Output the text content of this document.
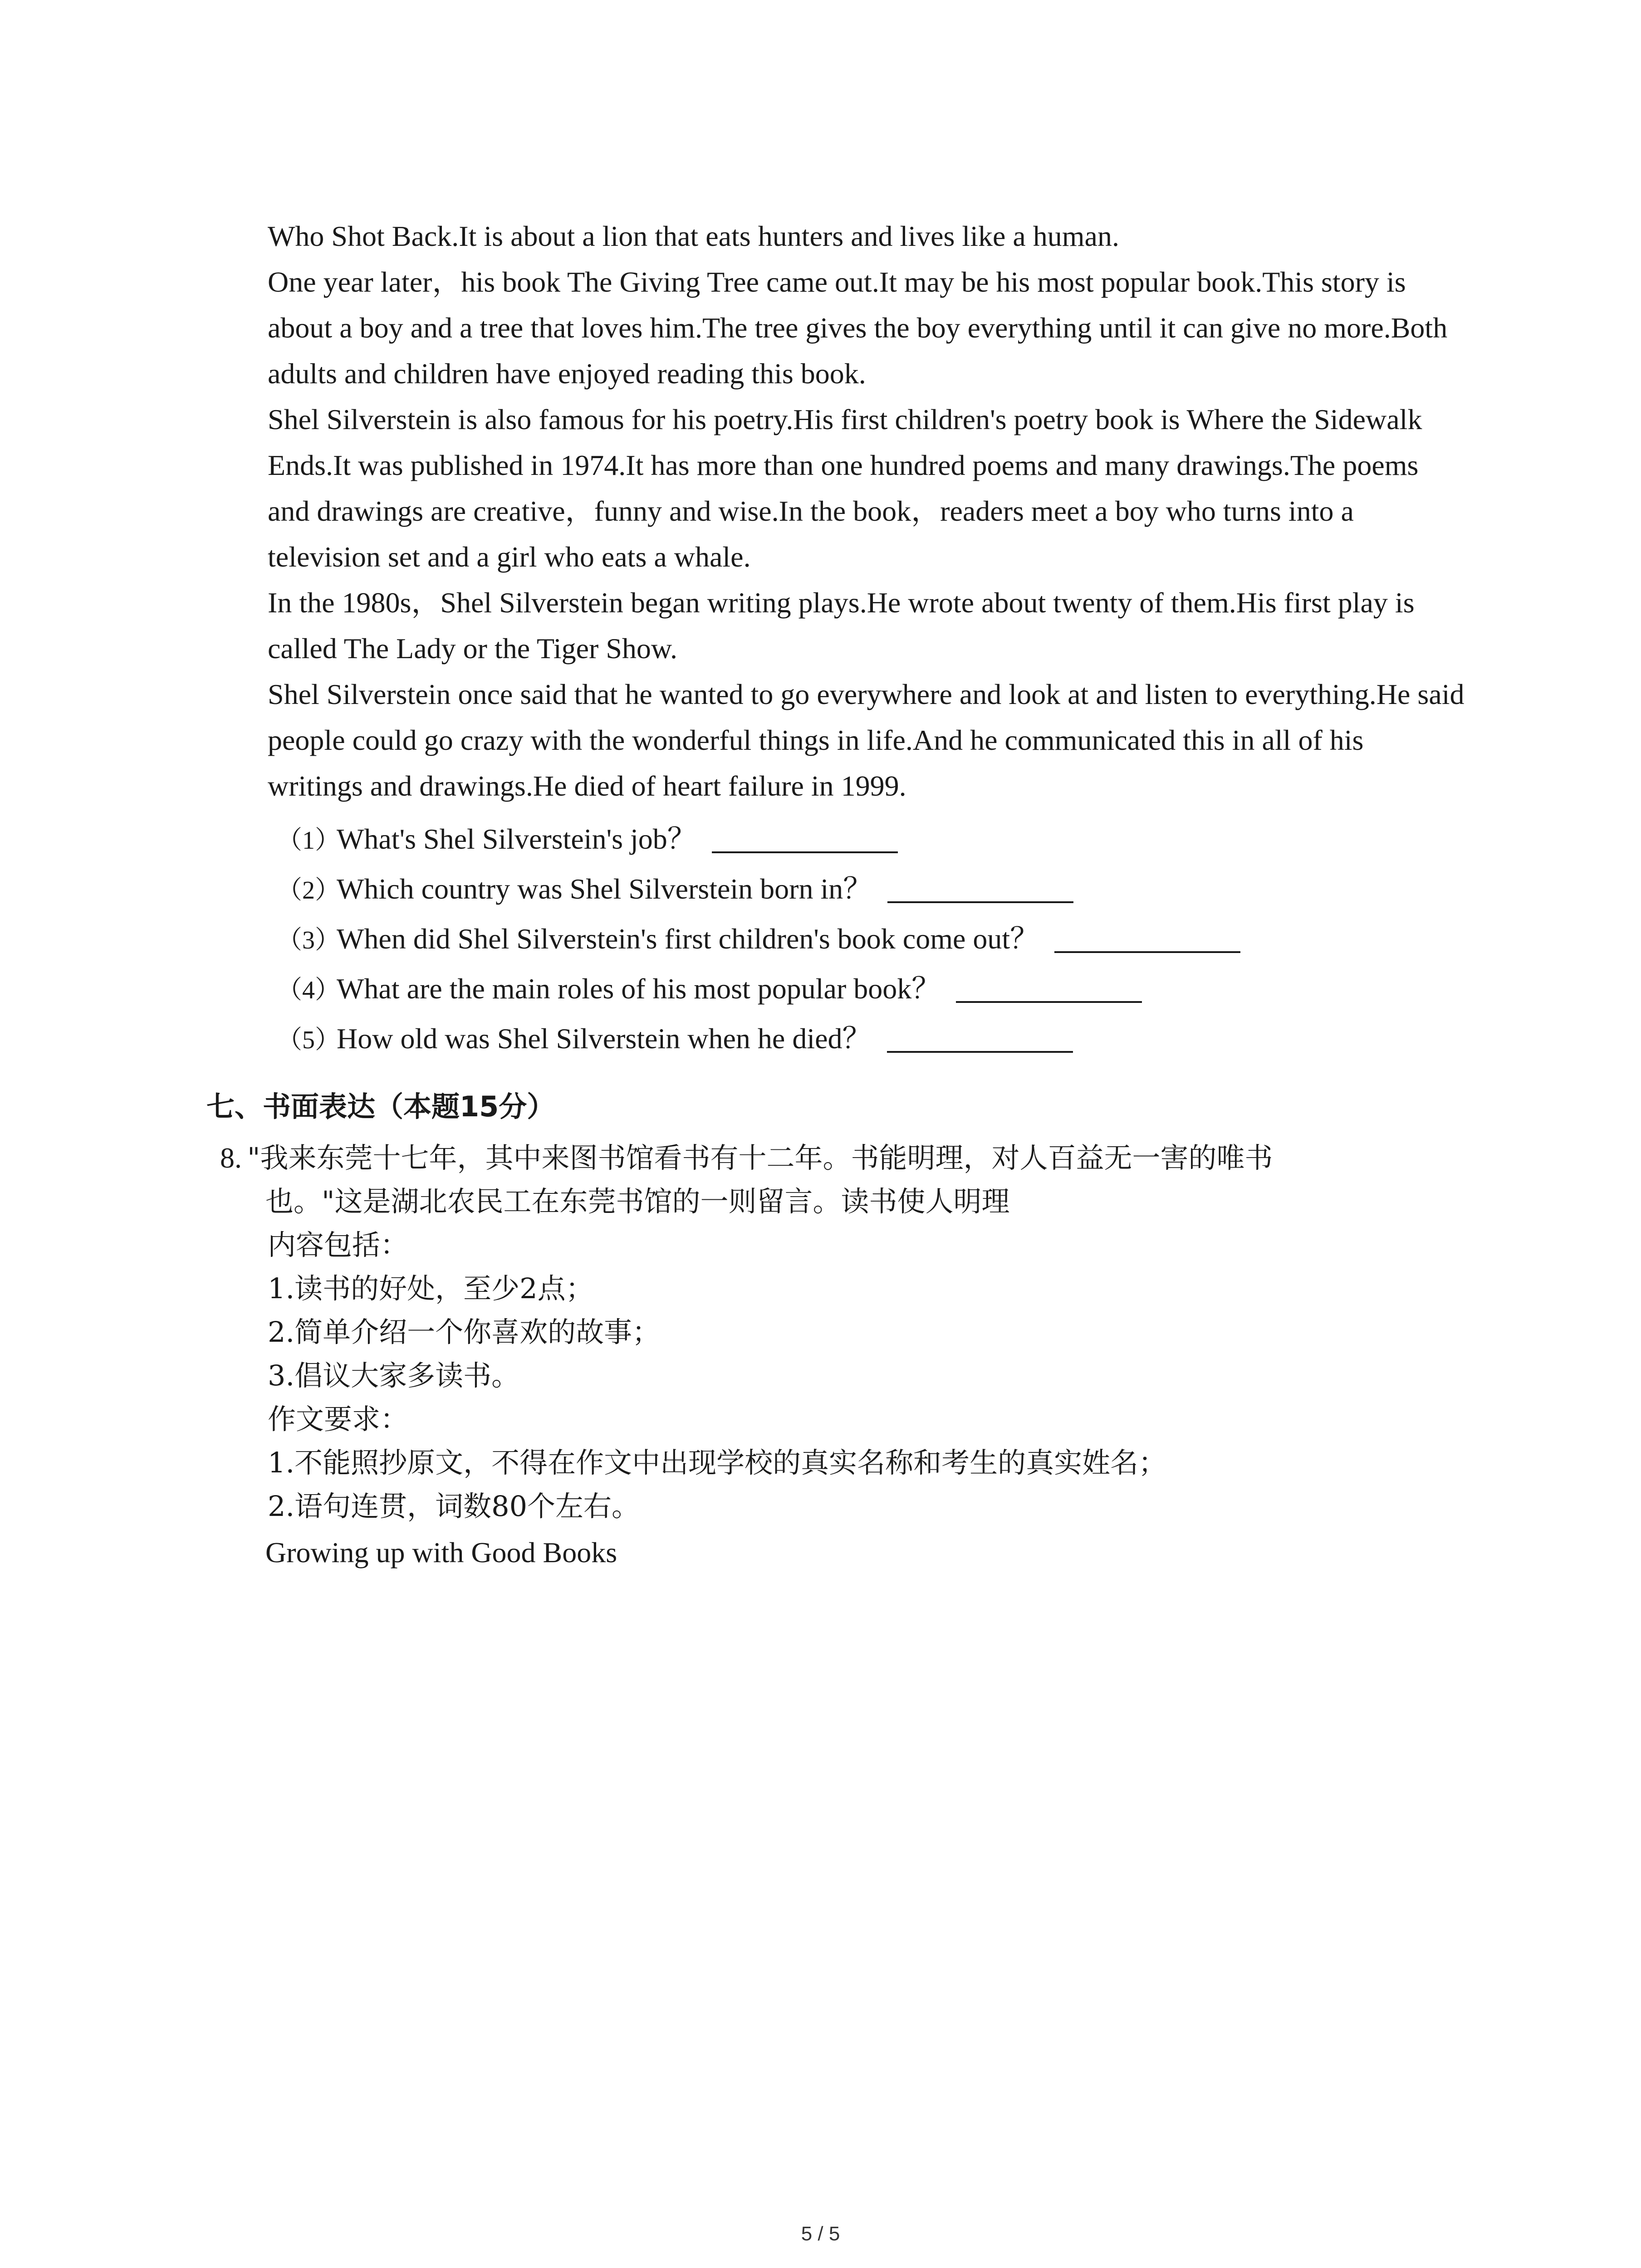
Who Shot Back.It is about a lion that eats hunters and lives like a human.
One year later，his book The Giving Tree came out.It may be his most popular book.This story is about a boy and a tree that loves him.The tree gives the boy everything until it can give no more.Both adults and children have enjoyed reading this book.
Shel Silverstein is also famous for his poetry.His first children's poetry book is Where the Sidewalk Ends.It was published in 1974.It has more than one hundred poems and many drawings.The poems and drawings are creative，funny and wise.In the book，readers meet a boy who turns into a television set and a girl who eats a whale.
In the 1980s，Shel Silverstein began writing plays.He wrote about twenty of them.His first play is called The Lady or the Tiger Show.
Shel Silverstein once said that he wanted to go everywhere and look at and listen to everything.He said people could go crazy with the wonderful things in life.And he communicated this in all of his writings and drawings.He died of heart failure in 1999.
（1）What's Shel Silverstein's job？
（2）Which country was Shel Silverstein born in？
（3）When did Shel Silverstein's first children's book come out？
（4）What are the main roles of his most popular book？
（5）How old was Shel Silverstein when he died？
七、书面表达（本题15分）
8. "我来东莞十七年，其中来图书馆看书有十二年。书能明理，对人百益无一害的唯书
也。"这是湖北农民工在东莞书馆的一则留言。读书使人明理
内容包括：
1.读书的好处，至少2点；
2.简单介绍一个你喜欢的故事；
3.倡议大家多读书。
作文要求：
1.不能照抄原文，不得在作文中出现学校的真实名称和考生的真实姓名；
2.语句连贯，词数80个左右。
Growing up with Good Books
5 / 5
